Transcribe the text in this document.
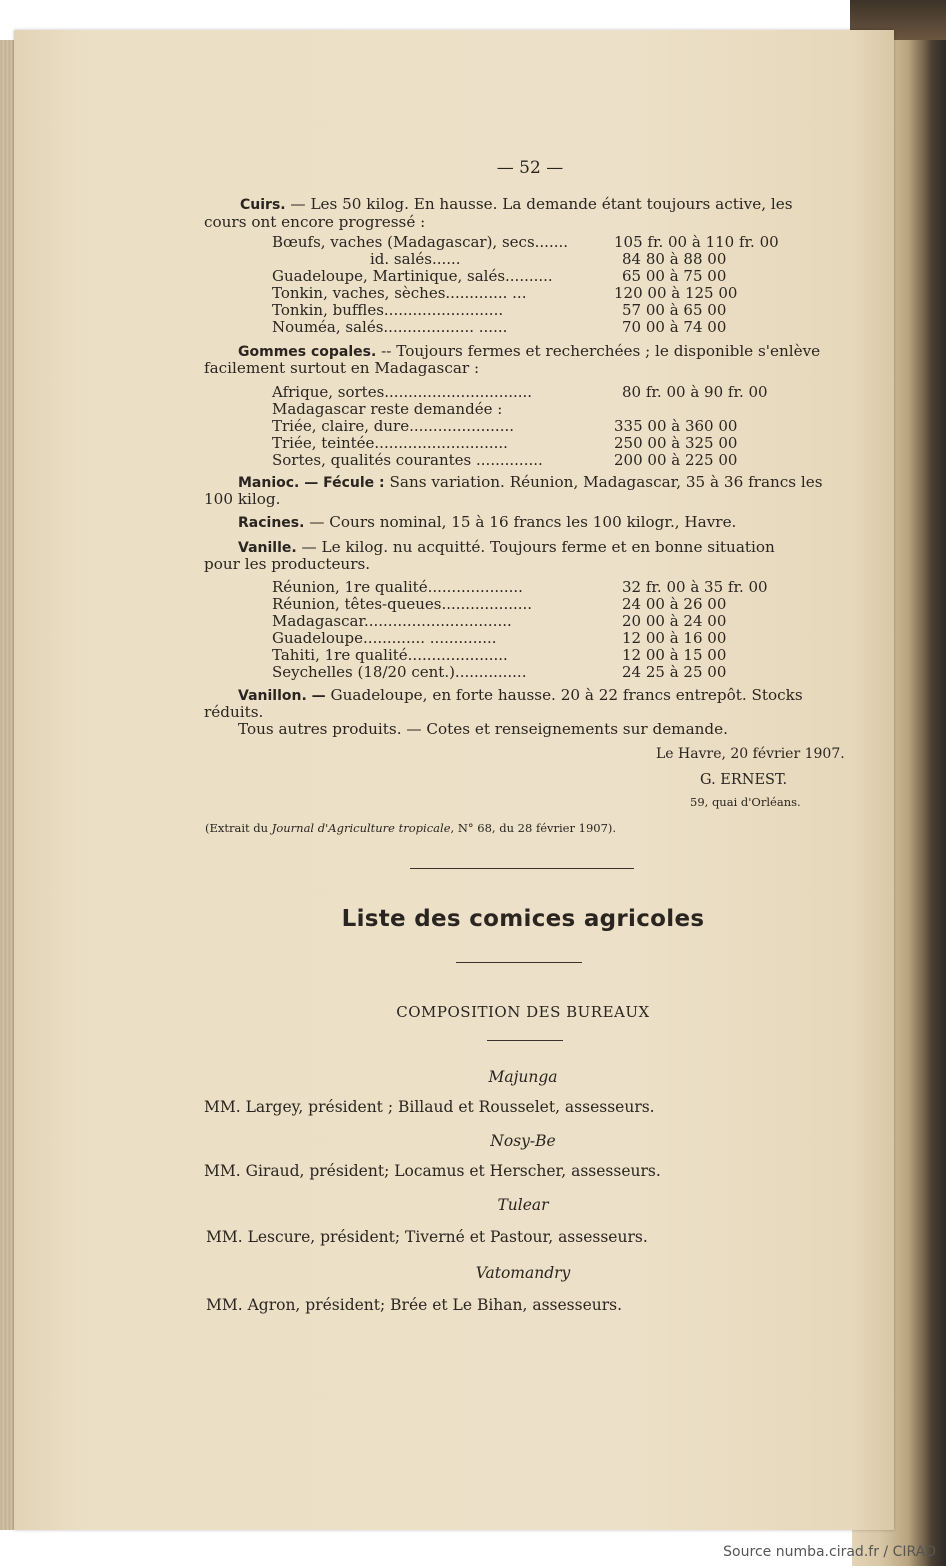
— 52 —
Cuirs. — Les 50 kilog. En hausse. La demande étant toujours active, les
cours ont encore progressé :
Bœufs, vaches (Madagascar), secs.......	105 fr. 00 à 110 fr. 00
id. salés......	84 80 à 88 00
Guadeloupe, Martinique, salés..........	65 00 à 75 00
Tonkin, vaches, sèches............. ...	120 00 à 125 00
Tonkin, buffles.........................	57 00 à 65 00
Nouméa, salés................... ......	70 00 à 74 00
Gommes copales. -- Toujours fermes et recherchées ; le disponible s'enlève
facilement surtout en Madagascar :
Afrique, sortes...............................	80 fr. 00 à 90 fr. 00
Madagascar reste demandée :
Triée, claire, dure......................	335 00 à 360 00
Triée, teintée............................	250 00 à 325 00
Sortes, qualités courantes ..............	200 00 à 225 00
Manioc. — Fécule : Sans variation. Réunion, Madagascar, 35 à 36 francs les
100 kilog.
Racines. — Cours nominal, 15 à 16 francs les 100 kilogr., Havre.
Vanille. — Le kilog. nu acquitté. Toujours ferme et en bonne situation
pour les producteurs.
Réunion, 1re qualité....................	32 fr. 00 à 35 fr. 00
Réunion, têtes-queues...................	24 00 à 26 00
Madagascar...............................	20 00 à 24 00
Guadeloupe............. ..............	12 00 à 16 00
Tahiti, 1re qualité.....................	12 00 à 15 00
Seychelles (18/20 cent.)...............	24 25 à 25 00
Vanillon. — Guadeloupe, en forte hausse. 20 à 22 francs entrepôt. Stocks
réduits.
Tous autres produits. — Cotes et renseignements sur demande.
Le Havre, 20 février 1907.
G. ERNEST.
59, quai d'Orléans.
(Extrait du Journal d'Agriculture tropicale, N° 68, du 28 février 1907).
Liste des comices agricoles
COMPOSITION DES BUREAUX
Majunga
MM. Largey, président ; Billaud et Rousselet, assesseurs.
Nosy-Be
MM. Giraud, président; Locamus et Herscher, assesseurs.
Tulear
MM. Lescure, président; Tiverné et Pastour, assesseurs.
Vatomandry
MM. Agron, président; Brée et Le Bihan, assesseurs.
Source numba.cirad.fr / CIRAD
